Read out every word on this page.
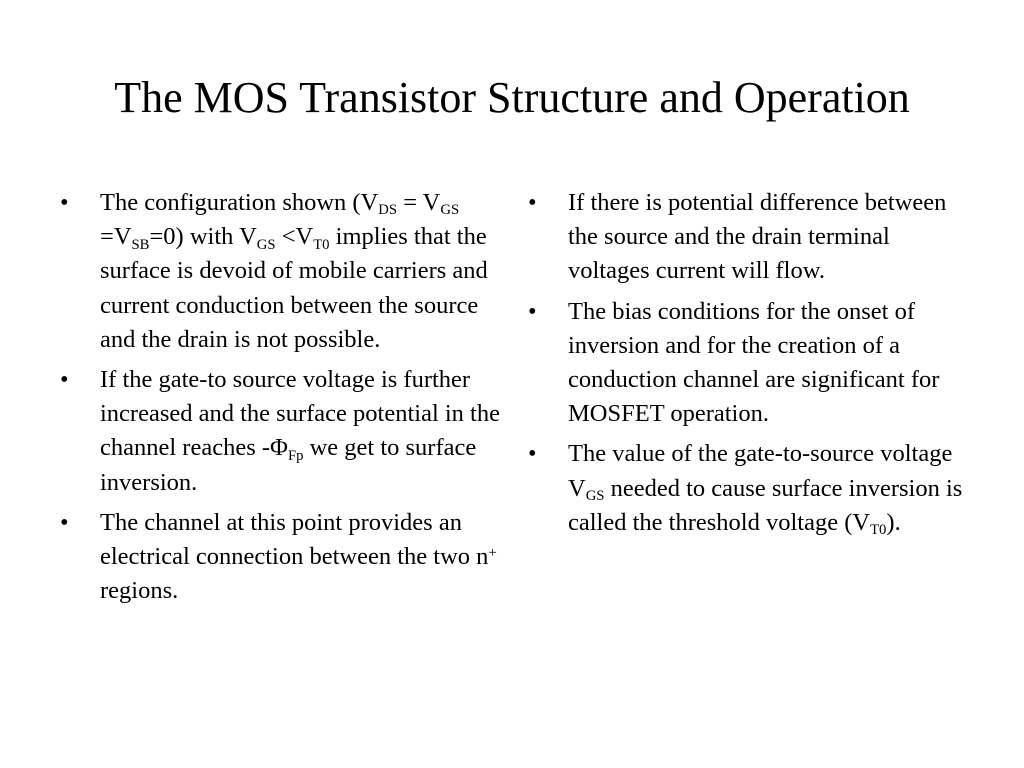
The MOS Transistor Structure and Operation
• The configuration shown $(V_{DS} = V_{GS} =V_{SB}=0)$ with $V_{GS} <V_{T0}$ implies that the surface is devoid of mobile carriers and current conduction between the source and the drain is not possible.
• If the gate-to source voltage is further increased and the surface potential in the channel reaches $-\Phi_{Fp}$ we get to surface inversion.
• The channel at this point provides an electrical connection between the two n+ regions.
• If there is potential difference between the source and the drain terminal voltages current will flow.
• The bias conditions for the onset of inversion and for the creation of a conduction channel are significant for MOSFET operation.
• The value of the gate-to-source voltage $V_{GS}$ needed to cause surface inversion is called the threshold voltage $(V_{T0})$.
